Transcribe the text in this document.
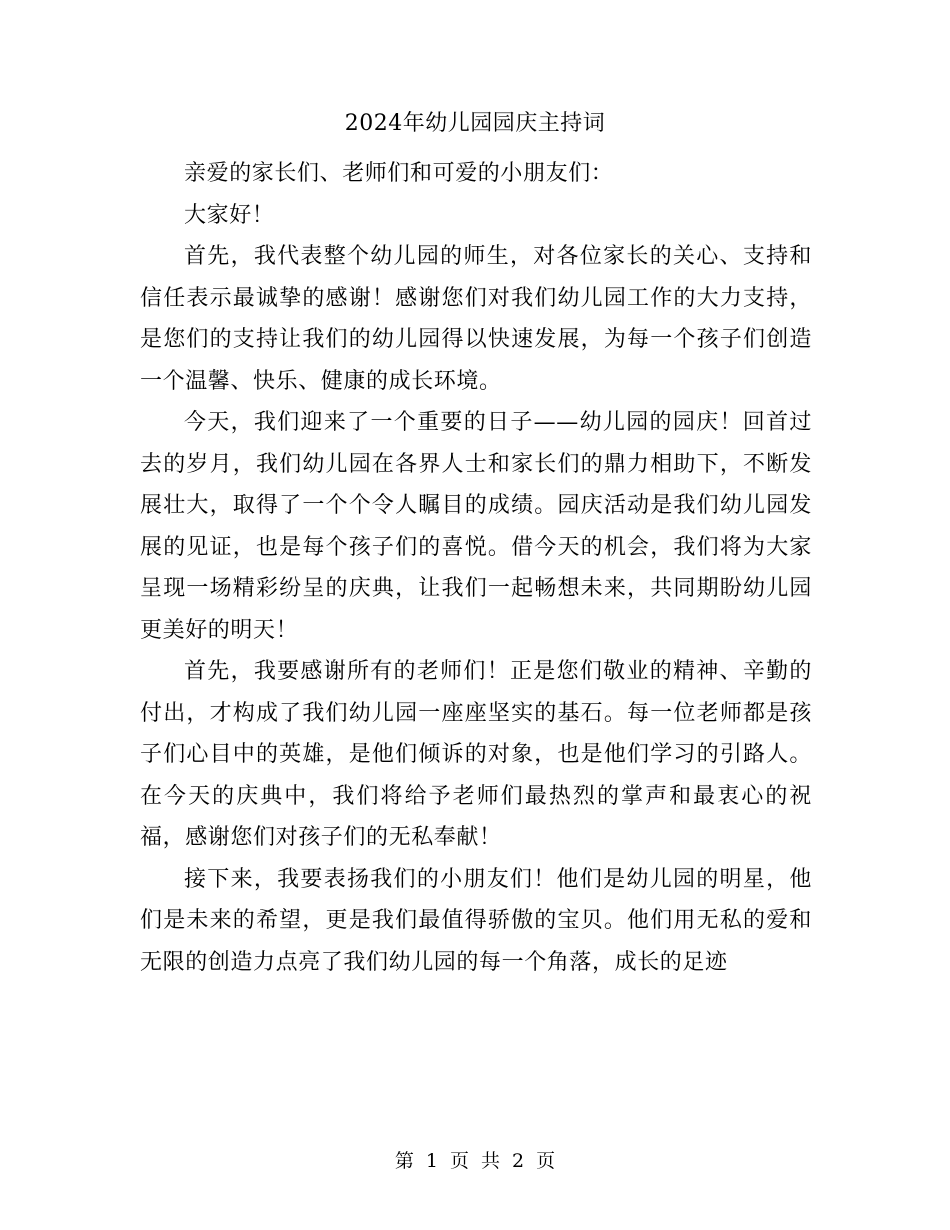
2024年幼儿园园庆主持词

亲爱的家长们、老师们和可爱的小朋友们：

大家好！

首先，我代表整个幼儿园的师生，对各位家长的关心、支持和信任表示最诚挚的感谢！感谢您们对我们幼儿园工作的大力支持，是您们的支持让我们的幼儿园得以快速发展，为每一个孩子们创造一个温馨、快乐、健康的成长环境。

今天，我们迎来了一个重要的日子——幼儿园的园庆！回首过去的岁月，我们幼儿园在各界人士和家长们的鼎力相助下，不断发展壮大，取得了一个个令人瞩目的成绩。园庆活动是我们幼儿园发展的见证，也是每个孩子们的喜悦。借今天的机会，我们将为大家呈现一场精彩纷呈的庆典，让我们一起畅想未来，共同期盼幼儿园更美好的明天！

首先，我要感谢所有的老师们！正是您们敬业的精神、辛勤的付出，才构成了我们幼儿园一座座坚实的基石。每一位老师都是孩子们心目中的英雄，是他们倾诉的对象，也是他们学习的引路人。在今天的庆典中，我们将给予老师们最热烈的掌声和最衷心的祝福，感谢您们对孩子们的无私奉献！

接下来，我要表扬我们的小朋友们！他们是幼儿园的明星，他们是未来的希望，更是我们最值得骄傲的宝贝。他们用无私的爱和无限的创造力点亮了我们幼儿园的每一个角落，成长的足迹

第 1 页 共 2 页
